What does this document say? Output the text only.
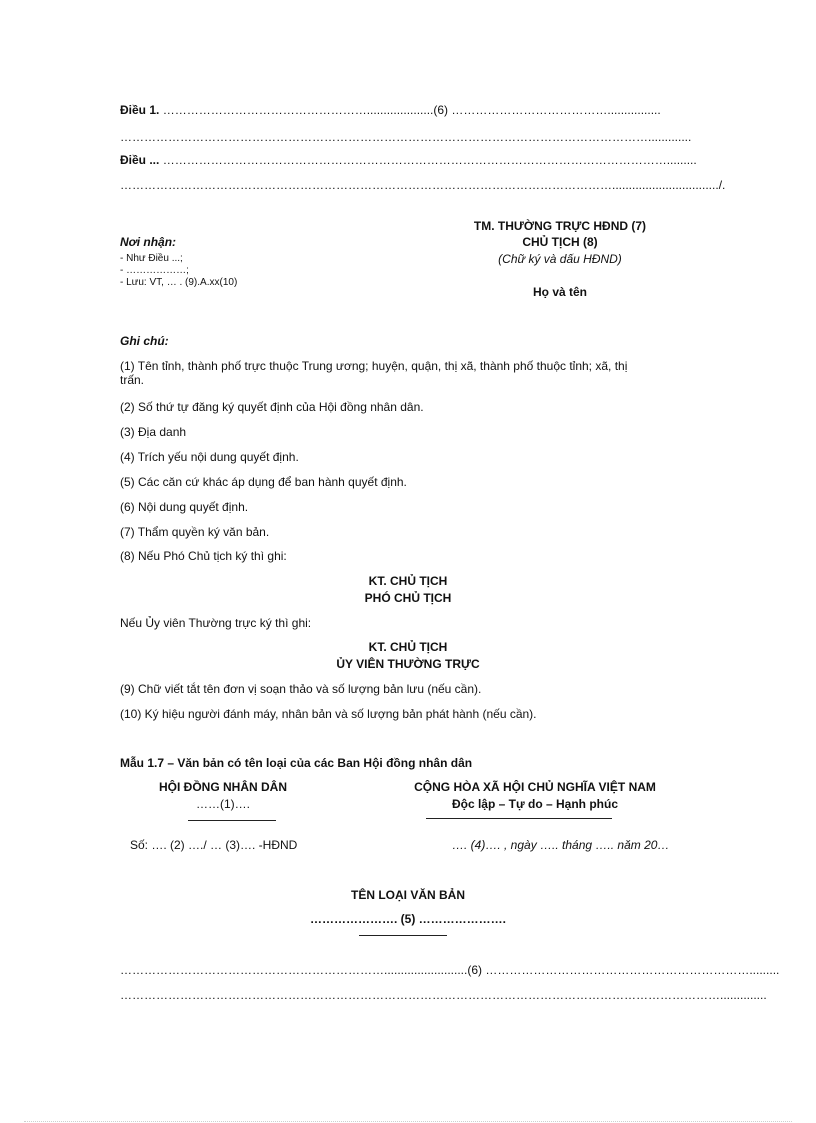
Điều 1. ……………………………………………....................(6) …………………………………................
…………………………………………………………………………………………………………………….............
Điều ... ……………………………………………………………………………………………………………….........
……………………………………………………………………………………………………………................................/.
TM. THƯỜNG TRỰC HĐND (7)
CHỦ TỊCH (8)
(Chữ ký và dấu HĐND)
Họ và tên
Nơi nhận:
- Như Điều ...;
- ………………;
- Lưu: VT, … . (9).A.xx(10)
Ghi chú:
(1) Tên tỉnh, thành phố trực thuộc Trung ương; huyện, quận, thị xã, thành phố thuộc tỉnh; xã, thị
trấn.
(2) Số thứ tự đăng ký quyết định của Hội đồng nhân dân.
(3) Địa danh
(4) Trích yếu nội dung quyết định.
(5) Các căn cứ khác áp dụng để ban hành quyết định.
(6) Nội dung quyết định.
(7) Thẩm quyền ký văn bản.
(8) Nếu Phó Chủ tịch ký thì ghi:
KT. CHỦ TỊCH
PHÓ CHỦ TỊCH
Nếu Ủy viên Thường trực ký thì ghi:
KT. CHỦ TỊCH
ỦY VIÊN THƯỜNG TRỰC
(9) Chữ viết tắt tên đơn vị soạn thảo và số lượng bản lưu (nếu cần).
(10) Ký hiệu người đánh máy, nhân bản và số lượng bản phát hành (nếu cần).
Mẫu 1.7 – Văn bản có tên loại của các Ban Hội đồng nhân dân
HỘI ĐỒNG NHÂN DÂN
……(1)….
CỘNG HÒA XÃ HỘI CHỦ NGHĨA VIỆT NAM
Độc lập – Tự do – Hạnh phúc
Số: …. (2) …./ … (3)…. -HĐND	…. (4)…. , ngày ….. tháng ….. năm 20…
TÊN LOẠI VĂN BẢN
…………………. (5) ………………….
………………………………………………………….........................(6) ………………………………………………………….........
……………………………………………………………………………………………………………………………………..............
